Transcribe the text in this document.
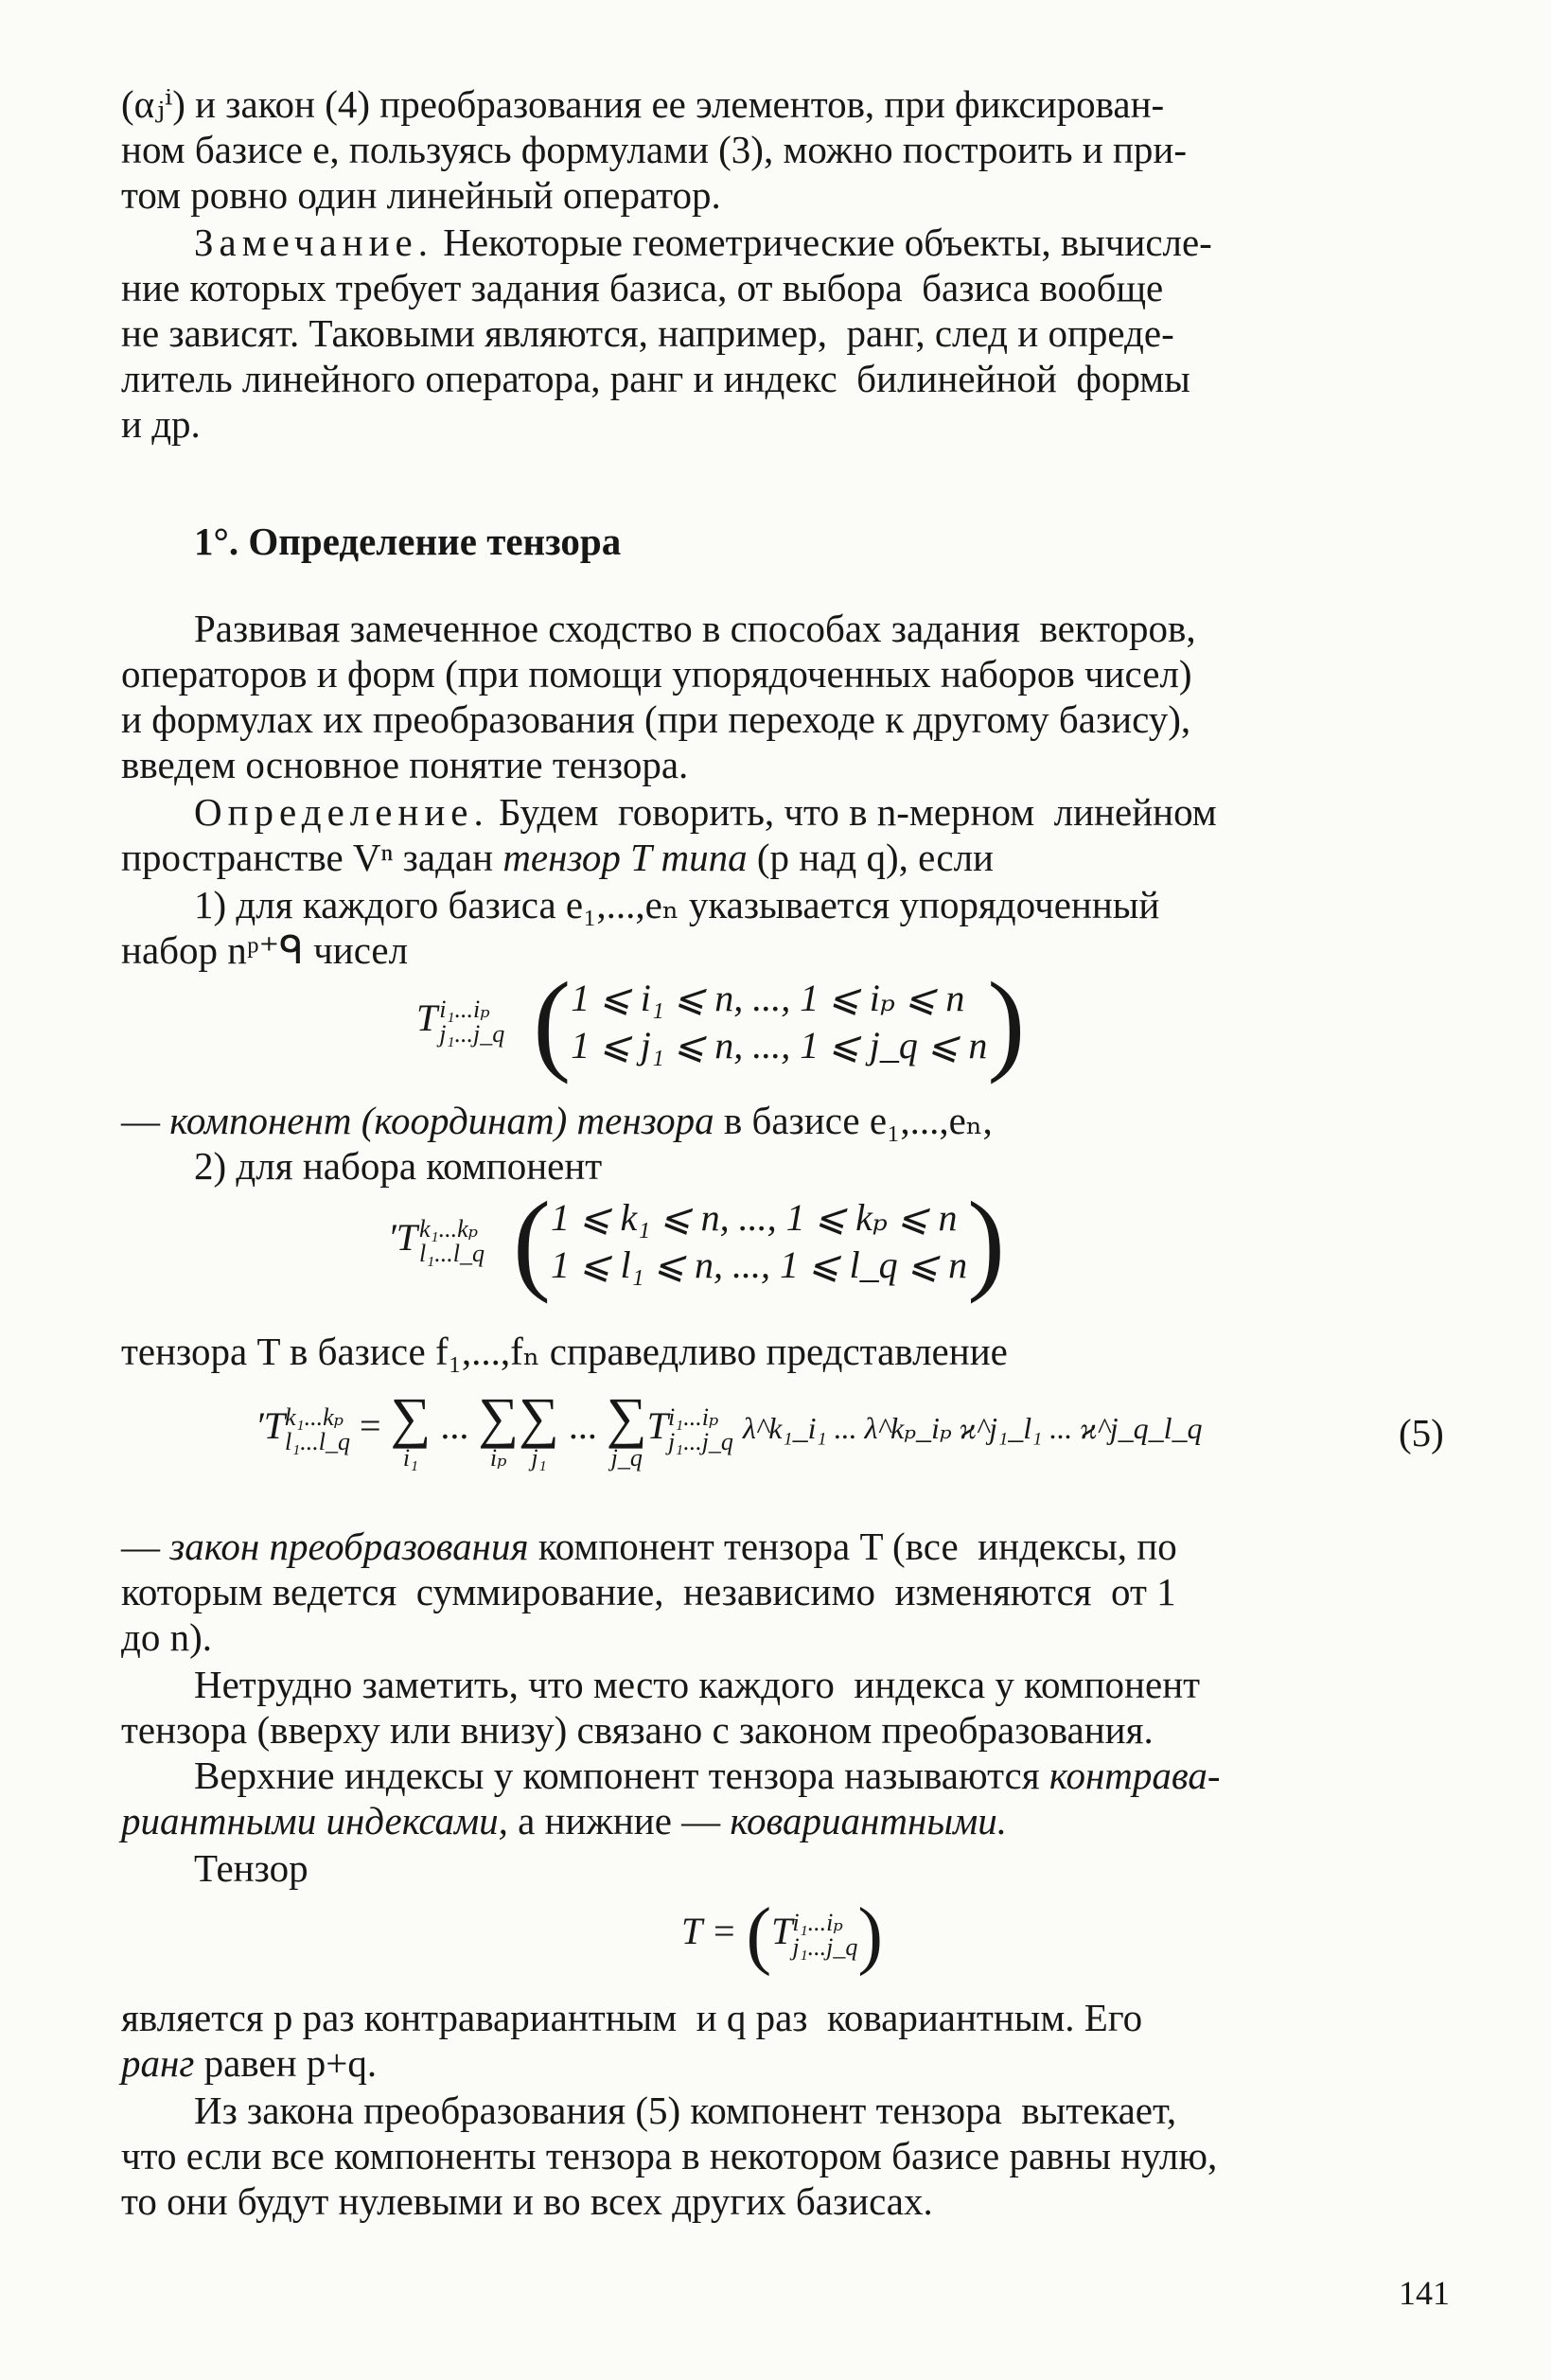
(αⱼⁱ) и закон (4) преобразования ее элементов, при фиксирован-
ном базисе e, пользуясь формулами (3), можно построить и при-
том ровно один линейный оператор.
Замечание. Некоторые геометрические объекты, вычисле-
ние которых требует задания базиса, от выбора  базиса вообще
не зависят. Таковыми являются, например,  ранг, след и опреде-
литель линейного оператора, ранг и индекс  билинейной  формы
и др.
1°. Определение тензора
Развивая замеченное сходство в способах задания  векторов,
операторов и форм (при помощи упорядоченных наборов чисел)
и формулах их преобразования (при переходе к другому базису),
введем основное понятие тензора.
Определение. Будем  говорить, что в n-мерном  линейном
пространстве Vⁿ задан тензор T типа (p над q), если
1) для каждого базиса e₁,...,eₙ указывается упорядоченный
набор nᵖ⁺ᑫ чисел
T i₁...iₚ
j₁...j_q ( 1 ⩽ i₁ ⩽ n, ..., 1 ⩽ iₚ ⩽ n
1 ⩽ j₁ ⩽ n, ..., 1 ⩽ j_q ⩽ n )
— компонент (координат) тензора в базисе e₁,...,eₙ,
2) для набора компонент
′T k₁...kₚ
l₁...l_q ( 1 ⩽ k₁ ⩽ n, ..., 1 ⩽ kₚ ⩽ n
1 ⩽ l₁ ⩽ n, ..., 1 ⩽ l_q ⩽ n )
тензора T в базисе f₁,...,fₙ справедливо представление
′T k₁...kₚ
l₁...l_q = ∑
i₁
... ∑
iₚ
∑
j₁
... ∑
j_q
T i₁...iₚ
j₁...j_q λ^k₁_i₁ ... λ^kₚ_iₚ ϰ^j₁_l₁ ... ϰ^j_q_l_q	(5)
— закон преобразования компонент тензора T (все  индексы, по
которым ведется  суммирование,  независимо  изменяются  от 1
до n).
Нетрудно заметить, что место каждого  индекса у компонент
тензора (вверху или внизу) связано с законом преобразования.
Верхние индексы у компонент тензора называются контрава-
риантными индексами, а нижние — ковариантными.
Тензор
T = (T i₁...iₚ
j₁...j_q )
является p раз контравариантным  и q раз  ковариантным. Его
ранг равен p+q.
Из закона преобразования (5) компонент тензора  вытекает,
что если все компоненты тензора в некотором базисе равны нулю,
то они будут нулевыми и во всех других базисах.
141
